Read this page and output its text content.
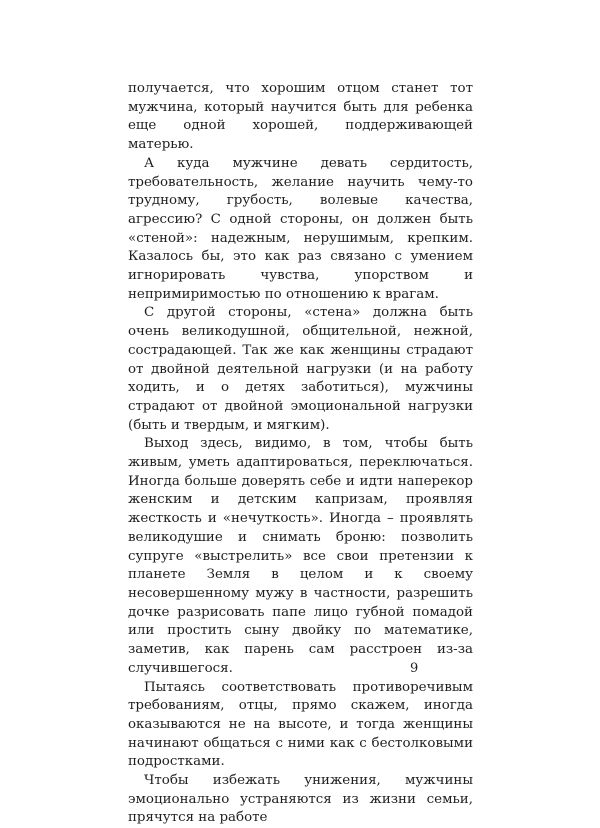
получается, что хорошим отцом станет тот мужчина, который научится быть для ребенка еще одной хорошей, поддерживающей матерью.

А куда мужчине девать сердитость, требовательность, желание научить чему-то трудному, грубость, волевые качества, агрессию? С одной стороны, он должен быть «стеной»: надежным, нерушимым, крепким. Казалось бы, это как раз связано с умением игнорировать чувства, упорством и непримиримостью по отношению к врагам.

С другой стороны, «стена» должна быть очень великодушной, общительной, нежной, сострадающей. Так же как женщины страдают от двойной деятельной нагрузки (и на работу ходить, и о детях заботиться), мужчины страдают от двойной эмоциональной нагрузки (быть и твердым, и мягким).

Выход здесь, видимо, в том, чтобы быть живым, уметь адаптироваться, переключаться. Иногда больше доверять себе и идти наперекор женским и детским капризам, проявляя жесткость и «нечуткость». Иногда – проявлять великодушие и снимать броню: позволить супруге «выстрелить» все свои претензии к планете Земля в целом и к своему несовершенному мужу в частности, разрешить дочке разрисовать папе лицо губной помадой или простить сыну двойку по математике, заметив, как парень сам расстроен из-за случившегося.

Пытаясь соответствовать противоречивым требованиям, отцы, прямо скажем, иногда оказываются не на высоте, и тогда женщины начинают общаться с ними как с бестолковыми подростками.

Чтобы избежать унижения, мужчины эмоционально устраняются из жизни семьи, прячутся на работе

9
